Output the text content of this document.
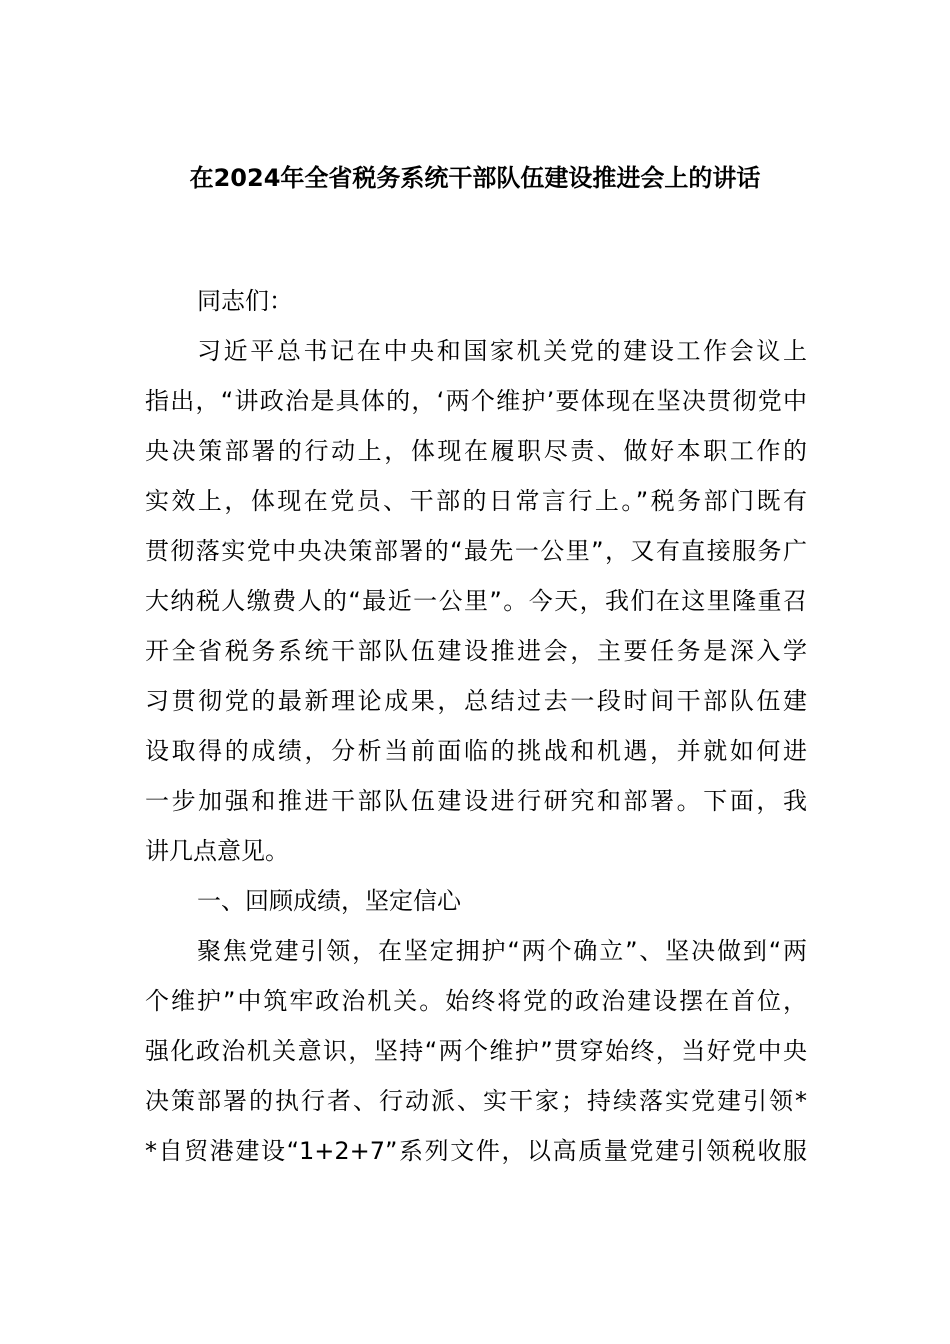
在2024年全省税务系统干部队伍建设推进会上的讲话
同志们：
习近平总书记在中央和国家机关党的建设工作会议上
指出，“讲政治是具体的，‘两个维护’要体现在坚决贯彻党中
央决策部署的行动上，体现在履职尽责、做好本职工作的
实效上，体现在党员、干部的日常言行上。”税务部门既有
贯彻落实党中央决策部署的“最先一公里”，又有直接服务广
大纳税人缴费人的“最近一公里”。今天，我们在这里隆重召
开全省税务系统干部队伍建设推进会，主要任务是深入学
习贯彻党的最新理论成果，总结过去一段时间干部队伍建
设取得的成绩，分析当前面临的挑战和机遇，并就如何进
一步加强和推进干部队伍建设进行研究和部署。下面，我
讲几点意见。
一、回顾成绩，坚定信心
聚焦党建引领，在坚定拥护“两个确立”、坚决做到“两
个维护”中筑牢政治机关。始终将党的政治建设摆在首位，
强化政治机关意识，坚持“两个维护”贯穿始终，当好党中央
决策部署的执行者、行动派、实干家；持续落实党建引领*
*自贸港建设“1+2+7”系列文件，以高质量党建引领税收服
